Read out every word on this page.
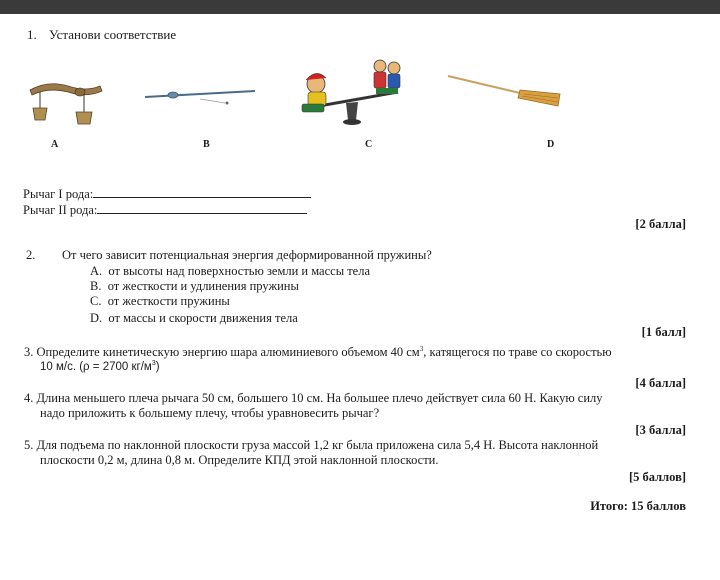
1. Установи соответствие
A	B	C	D
Рычаг I рода:
Рычаг II рода:
[2 балла]
2. От чего зависит потенциальная энергия деформированной пружины?
A. от высоты над поверхностью земли и массы тела
B. от жесткости и удлинения пружины
C. от жесткости пружины
D. от массы и скорости движения тела
[1 балл]
3. Определите кинетическую энергию шара алюминиевого объемом 40 $см^3$, катящегося по траве со скоростью
10 м/с. (ρ = 2700 $кг/м^3$)
[4 балла]
4. Длина меньшего плеча рычага 50 см, большего 10 см. На большее плечо действует сила 60 Н. Какую силу
надо приложить к большему плечу, чтобы уравновесить рычаг?
[3 балла]
5. Для подъема по наклонной плоскости груза массой 1,2 кг была приложена сила 5,4 Н. Высота наклонной
плоскости 0,2 м, длина 0,8 м. Определите КПД этой наклонной плоскости.
[5 баллов]
Итого: 15 баллов
